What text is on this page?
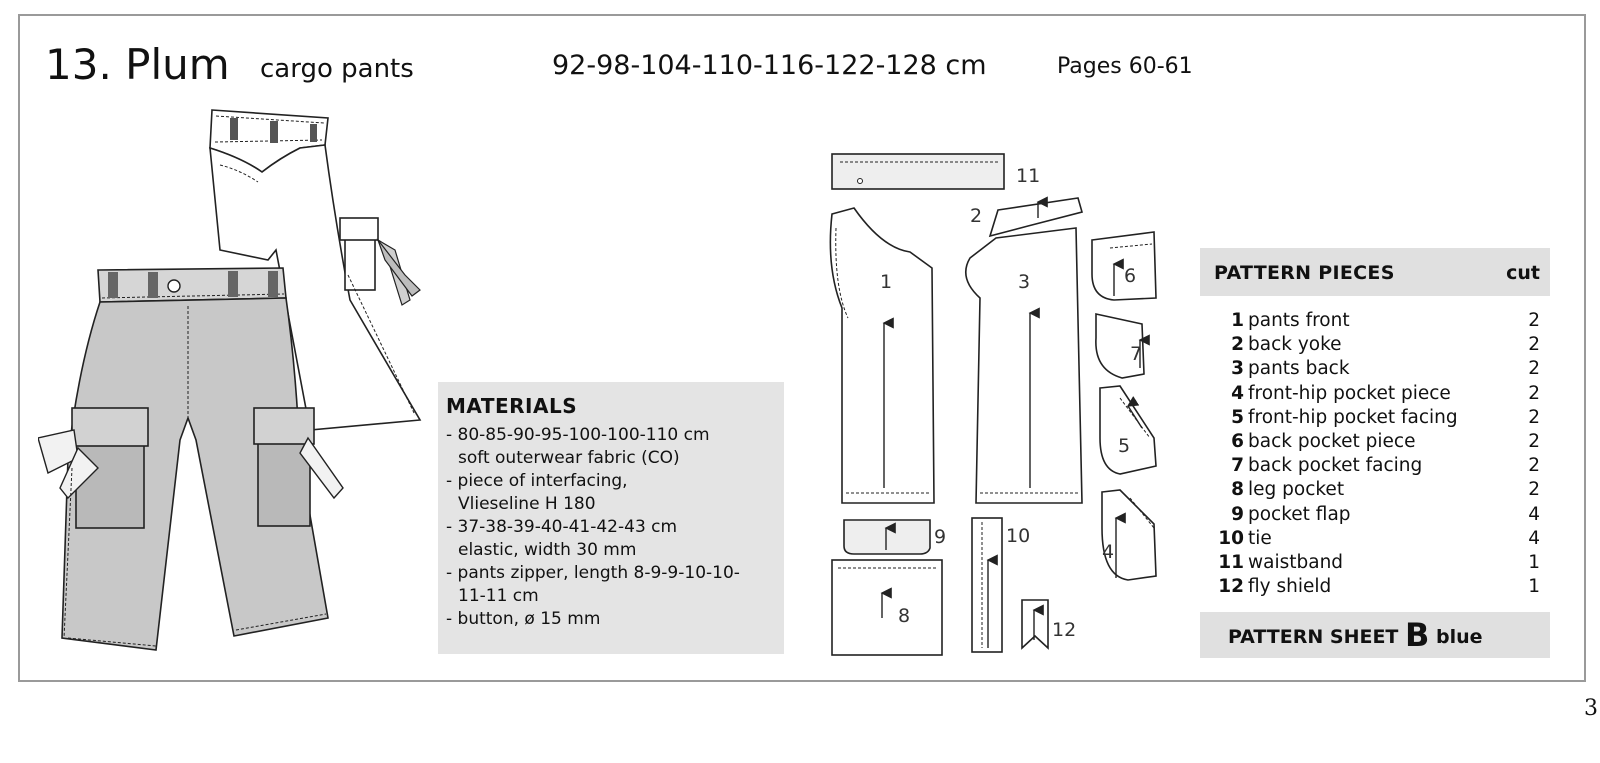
13. Plum cargo pants	92-98-104-110-116-122-128 cm	Pages 60-61
MATERIALS
- 80-85-90-95-100-100-110 cm
soft outerwear fabric (CO)
- piece of interfacing,
Vlieseline H 180
- 37-38-39-40-41-42-43 cm
elastic, width 30 mm
- pants zipper, length 8-9-9-10-10-
11-11 cm
- button, ø 15 mm
11
2
1	3	6
7
5
4
9	10
8
12
PATTERN PIECES	cut
1 pants front	2
2 back yoke	2
3 pants back	2
4 front-hip pocket piece	2
5 front-hip pocket facing	2
6 back pocket piece	2
7 back pocket facing	2
8 leg pocket	2
9 pocket flap	4
10 tie	4
11 waistband	1
12 fly shield	1
PATTERN SHEET B blue
3
